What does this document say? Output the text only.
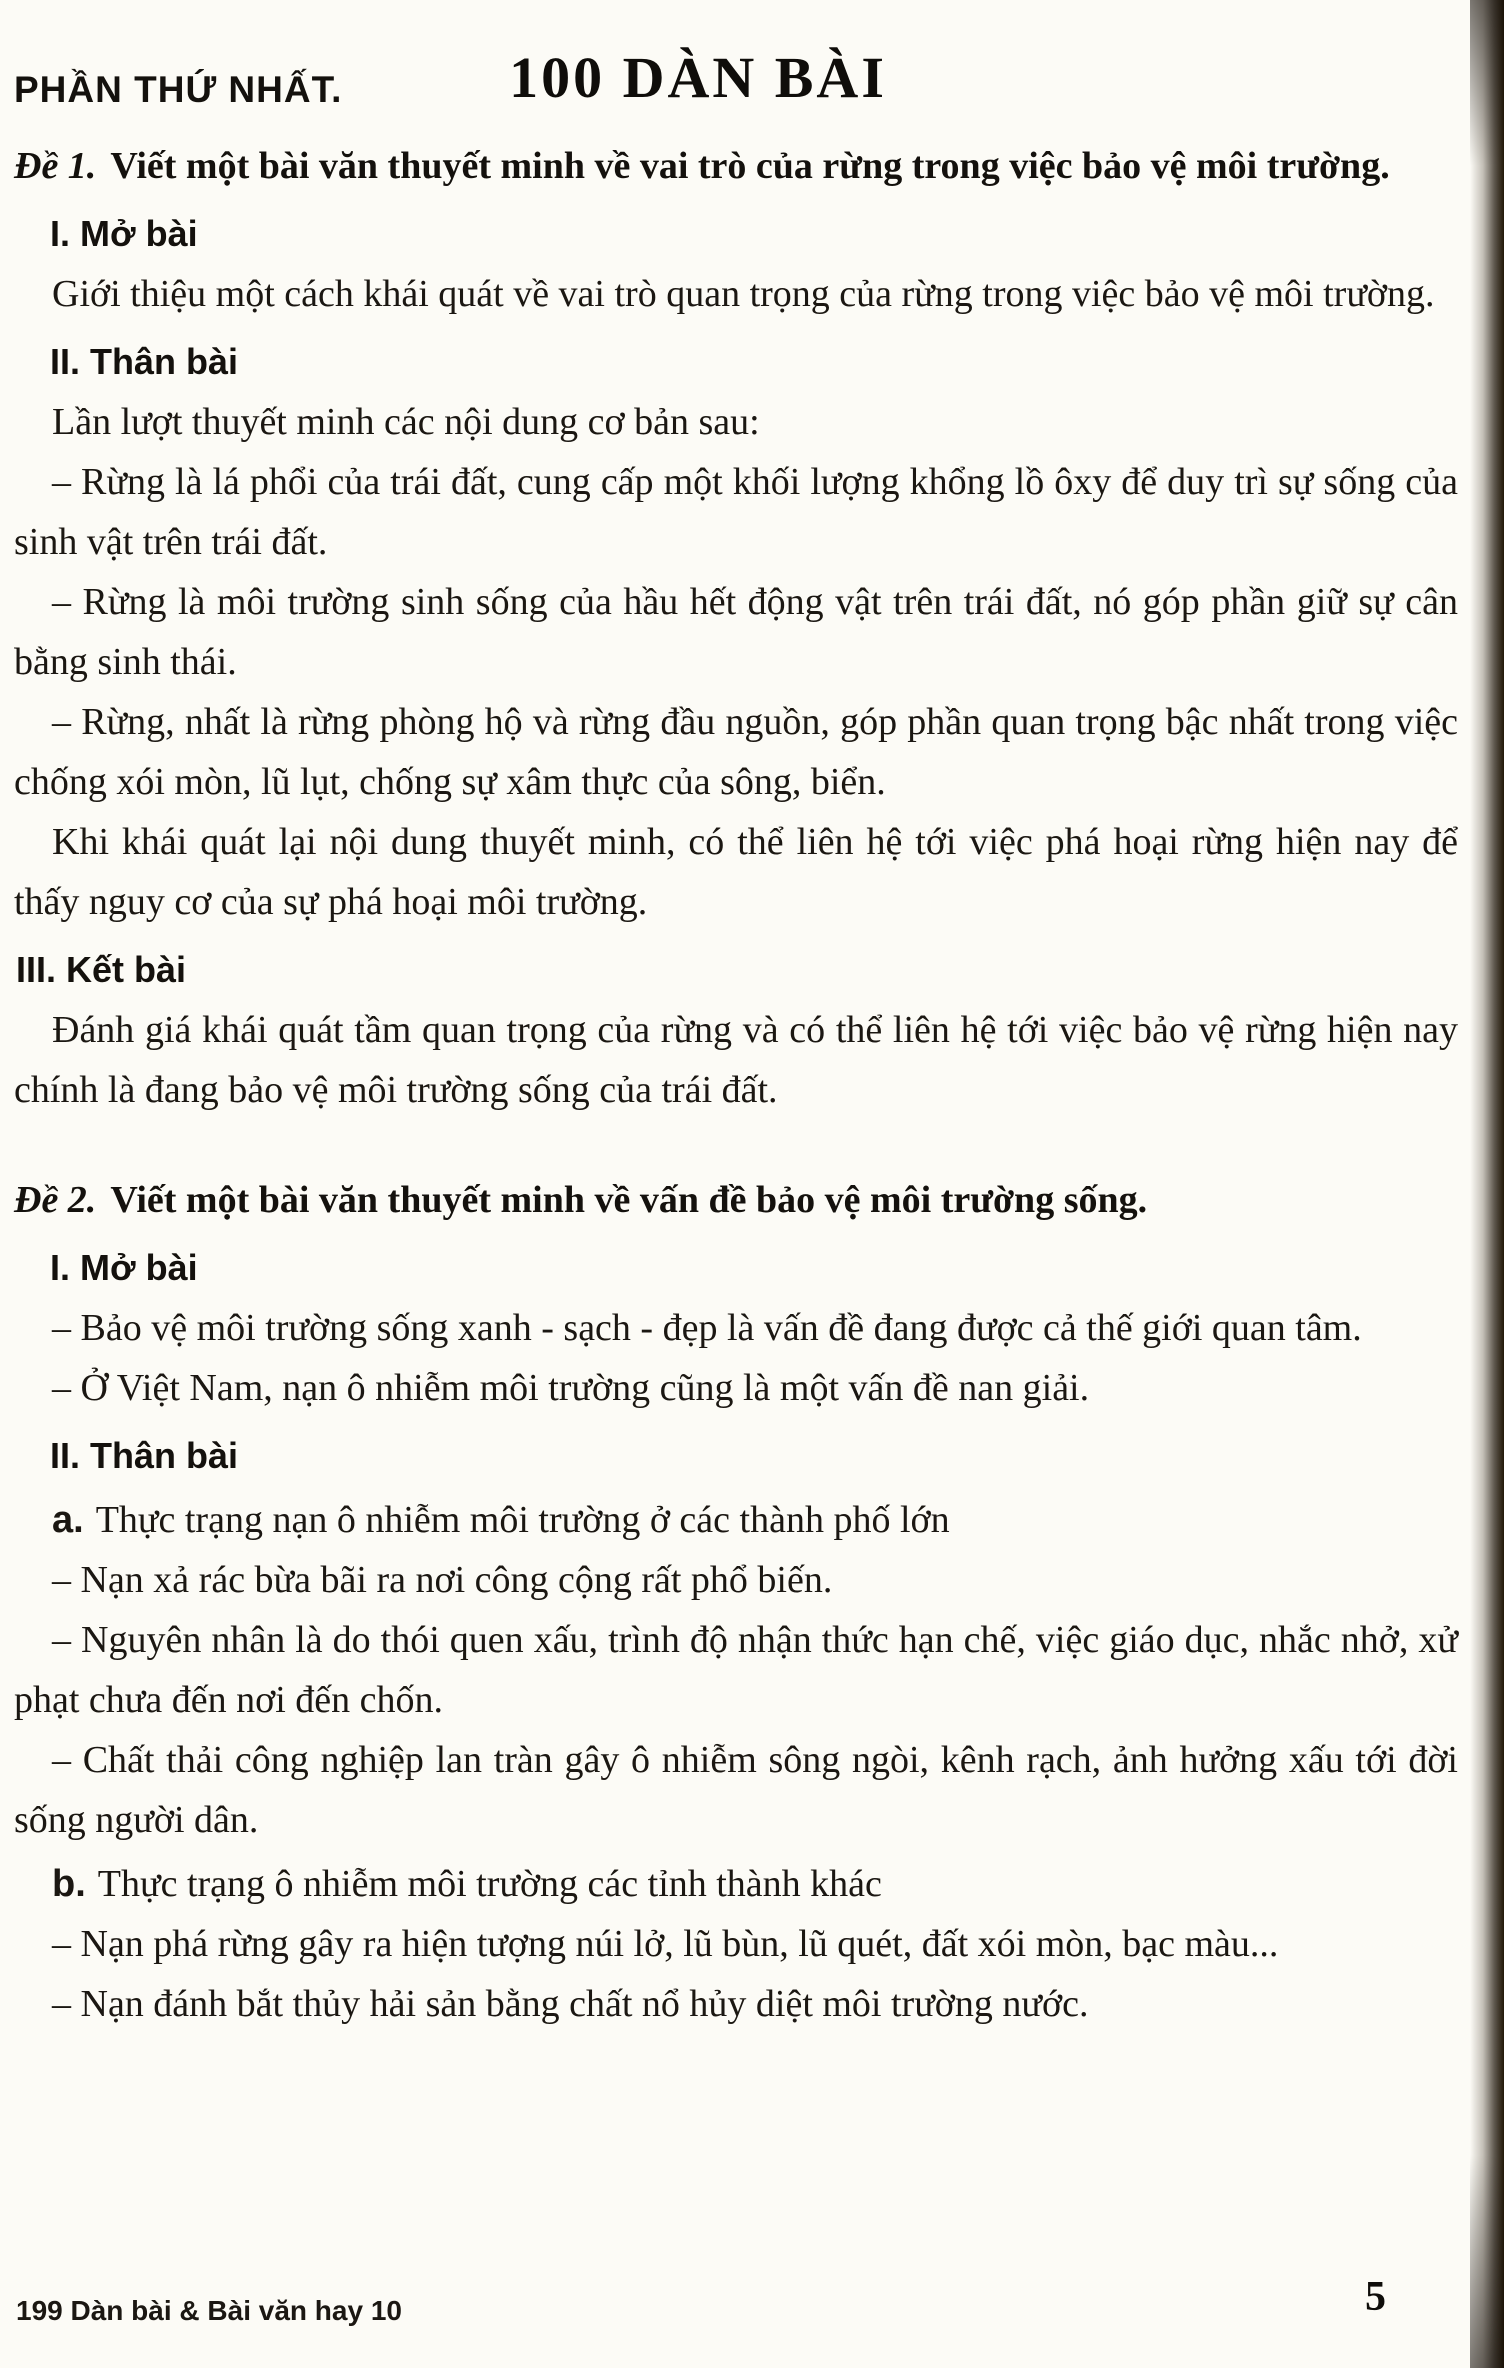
PHẦN THỨ NHẤT.	100 DÀN BÀI

Đề 1. Viết một bài văn thuyết minh về vai trò của rừng trong việc bảo vệ môi trường.

I. Mở bài

Giới thiệu một cách khái quát về vai trò quan trọng của rừng trong việc bảo vệ môi trường.

II. Thân bài

Lần lượt thuyết minh các nội dung cơ bản sau:

– Rừng là lá phổi của trái đất, cung cấp một khối lượng khổng lồ ôxy để duy trì sự sống của sinh vật trên trái đất.

– Rừng là môi trường sinh sống của hầu hết động vật trên trái đất, nó góp phần giữ sự cân bằng sinh thái.

– Rừng, nhất là rừng phòng hộ và rừng đầu nguồn, góp phần quan trọng bậc nhất trong việc chống xói mòn, lũ lụt, chống sự xâm thực của sông, biển.

Khi khái quát lại nội dung thuyết minh, có thể liên hệ tới việc phá hoại rừng hiện nay để thấy nguy cơ của sự phá hoại môi trường.

III. Kết bài

Đánh giá khái quát tầm quan trọng của rừng và có thể liên hệ tới việc bảo vệ rừng hiện nay chính là đang bảo vệ môi trường sống của trái đất.

Đề 2. Viết một bài văn thuyết minh về vấn đề bảo vệ môi trường sống.

I. Mở bài

– Bảo vệ môi trường sống xanh - sạch - đẹp là vấn đề đang được cả thế giới quan tâm.

– Ở Việt Nam, nạn ô nhiễm môi trường cũng là một vấn đề nan giải.

II. Thân bài

a. Thực trạng nạn ô nhiễm môi trường ở các thành phố lớn

– Nạn xả rác bừa bãi ra nơi công cộng rất phổ biến.

– Nguyên nhân là do thói quen xấu, trình độ nhận thức hạn chế, việc giáo dục, nhắc nhở, xử phạt chưa đến nơi đến chốn.

– Chất thải công nghiệp lan tràn gây ô nhiễm sông ngòi, kênh rạch, ảnh hưởng xấu tới đời sống người dân.

b. Thực trạng ô nhiễm môi trường các tỉnh thành khác

– Nạn phá rừng gây ra hiện tượng núi lở, lũ bùn, lũ quét, đất xói mòn, bạc màu...

– Nạn đánh bắt thủy hải sản bằng chất nổ hủy diệt môi trường nước.

199 Dàn bài & Bài văn hay 10	5
